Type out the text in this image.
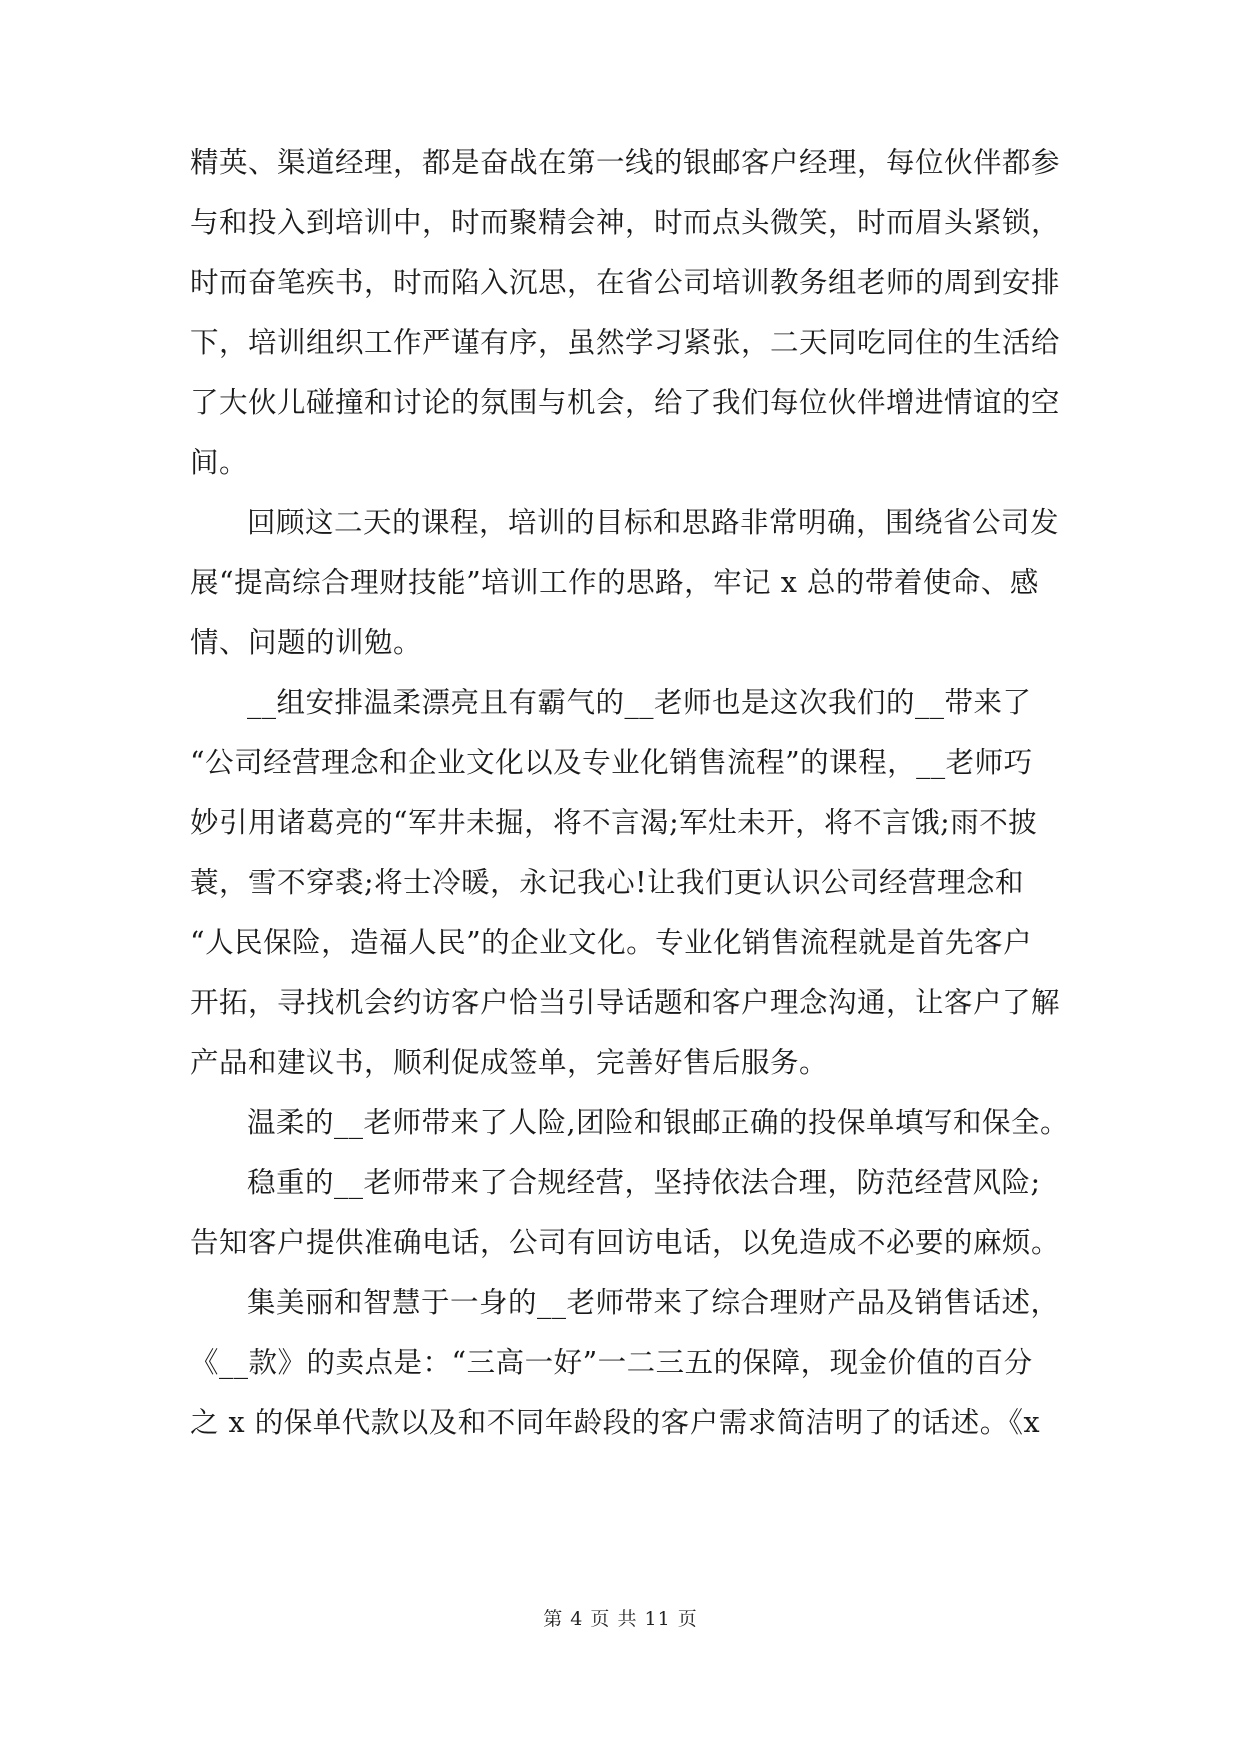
精英、渠道经理，都是奋战在第一线的银邮客户经理，每位伙伴都参
与和投入到培训中，时而聚精会神，时而点头微笑，时而眉头紧锁，
时而奋笔疾书，时而陷入沉思，在省公司培训教务组老师的周到安排
下，培训组织工作严谨有序，虽然学习紧张，二天同吃同住的生活给
了大伙儿碰撞和讨论的氛围与机会，给了我们每位伙伴增进情谊的空
间。
回顾这二天的课程，培训的目标和思路非常明确，围绕省公司发
展“提高综合理财技能”培训工作的思路，牢记 x 总的带着使命、感
情、问题的训勉。
__组安排温柔漂亮且有霸气的__老师也是这次我们的__带来了
“公司经营理念和企业文化以及专业化销售流程”的课程，__老师巧
妙引用诸葛亮的“军井未掘，将不言渴;军灶未开，将不言饿;雨不披
蓑，雪不穿裘;将士冷暖，永记我心!让我们更认识公司经营理念和
“人民保险，造福人民”的企业文化。专业化销售流程就是首先客户
开拓，寻找机会约访客户恰当引导话题和客户理念沟通，让客户了解
产品和建议书，顺利促成签单，完善好售后服务。
温柔的__老师带来了人险,团险和银邮正确的投保单填写和保全。
稳重的__老师带来了合规经营，坚持依法合理，防范经营风险;
告知客户提供准确电话，公司有回访电话，以免造成不必要的麻烦。
集美丽和智慧于一身的__老师带来了综合理财产品及销售话述，
《__款》的卖点是：“三高一好”一二三五的保障，现金价值的百分
之 x 的保单代款以及和不同年龄段的客户需求简洁明了的话述。《x
第 4 页 共 11 页
